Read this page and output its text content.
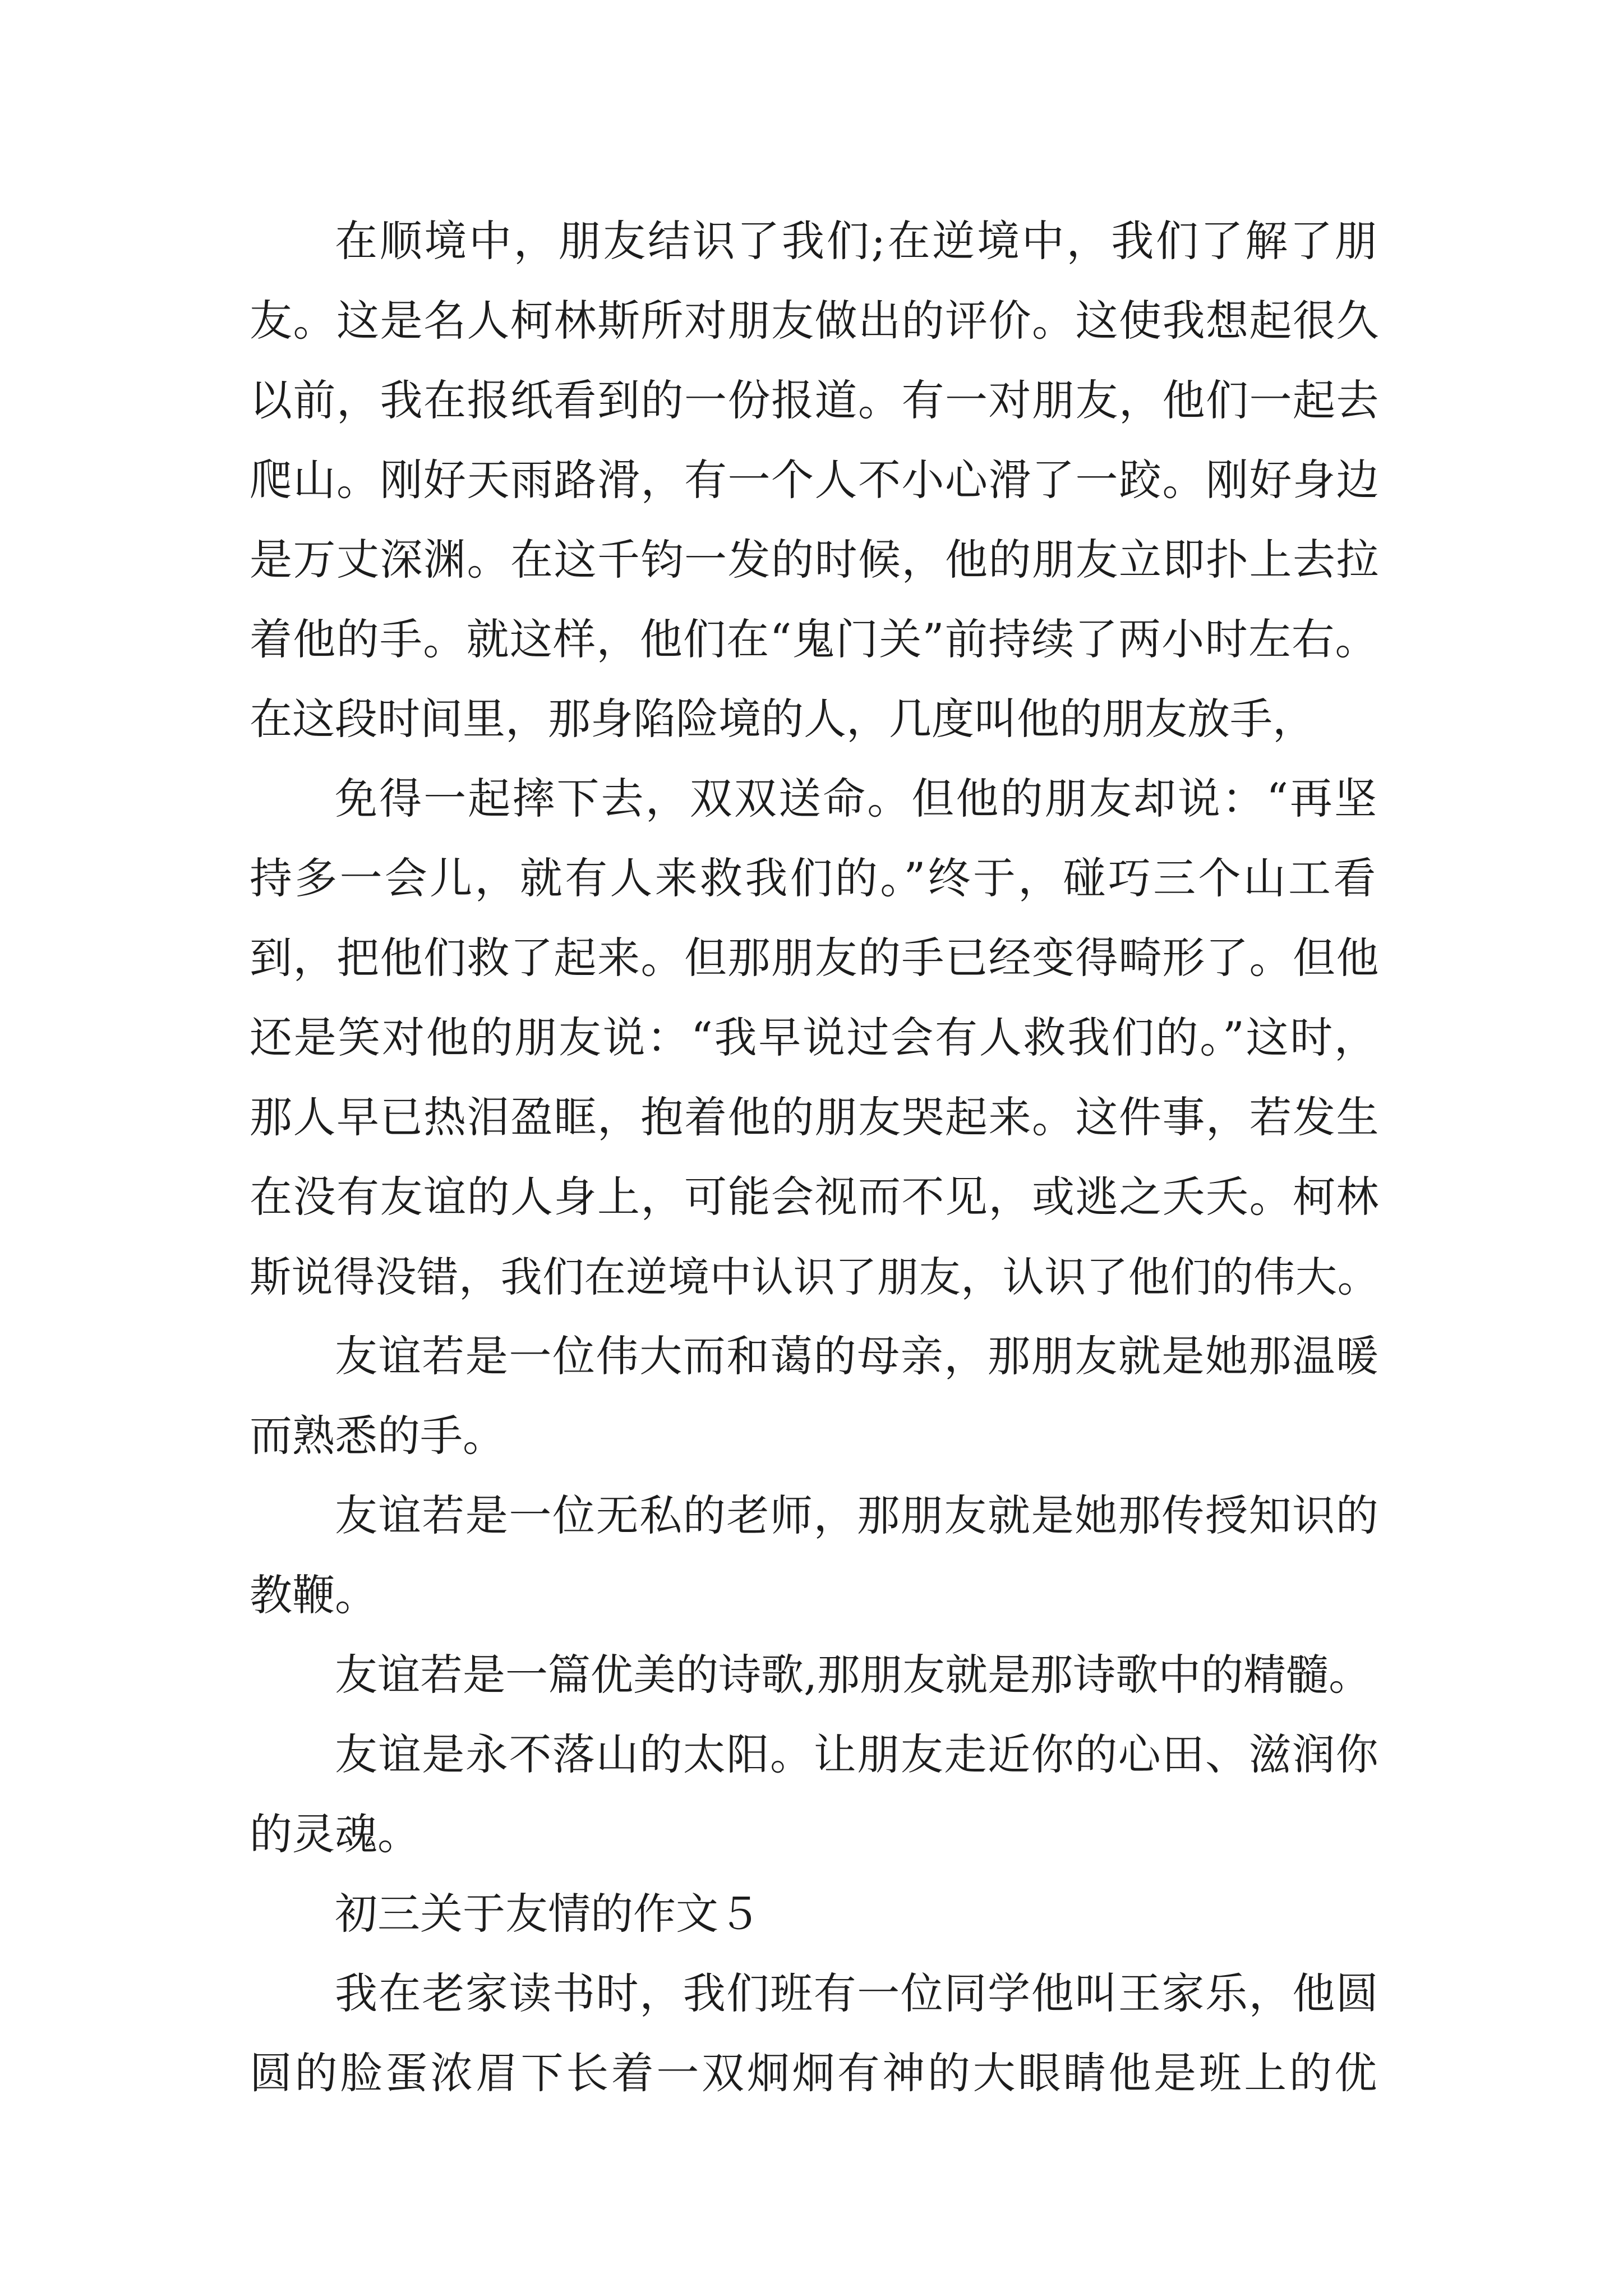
在顺境中，朋友结识了我们;在逆境中，我们了解了朋

友。这是名人柯林斯所对朋友做出的评价。这使我想起很久

以前，我在报纸看到的一份报道。有一对朋友，他们一起去

爬山。刚好天雨路滑，有一个人不小心滑了一跤。刚好身边

是万丈深渊。在这千钧一发的时候，他的朋友立即扑上去拉

着他的手。就这样，他们在“鬼门关”前持续了两小时左右。

在这段时间里，那身陷险境的人，几度叫他的朋友放手，

免得一起摔下去，双双送命。但他的朋友却说：“再坚

持多一会儿，就有人来救我们的。”终于，碰巧三个山工看

到，把他们救了起来。但那朋友的手已经变得畸形了。但他

还是笑对他的朋友说：“我早说过会有人救我们的。”这时，

那人早已热泪盈眶，抱着他的朋友哭起来。这件事，若发生

在没有友谊的人身上，可能会视而不见，或逃之夭夭。柯林

斯说得没错，我们在逆境中认识了朋友，认识了他们的伟大。

友谊若是一位伟大而和蔼的母亲，那朋友就是她那温暖

而熟悉的手。

友谊若是一位无私的老师，那朋友就是她那传授知识的

教鞭。

友谊若是一篇优美的诗歌,那朋友就是那诗歌中的精髓。

友谊是永不落山的太阳。让朋友走近你的心田、滋润你

的灵魂。

初三关于友情的作文５

我在老家读书时，我们班有一位同学他叫王家乐，他圆

圆的脸蛋浓眉下长着一双炯炯有神的大眼睛他是班上的优
